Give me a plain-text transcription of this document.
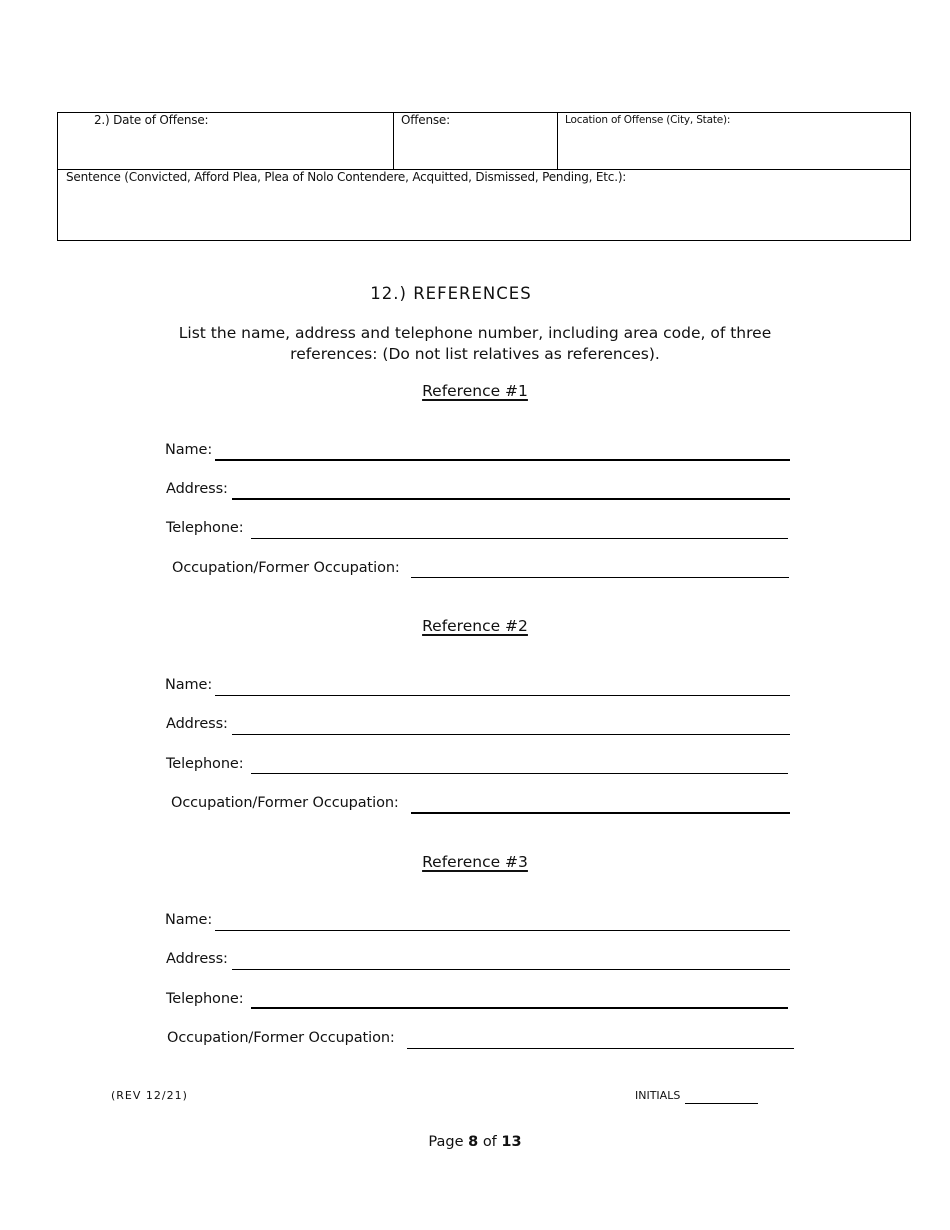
2.) Date of Offense:	Offense:	Location of Offense (City, State):
Sentence (Convicted, Afford Plea, Plea of Nolo Contendere, Acquitted, Dismissed, Pending, Etc.):
12.) REFERENCES
List the name, address and telephone number, including area code, of three references: (Do not list relatives as references).
Reference #1
Name:
Address:
Telephone:
Occupation/Former Occupation:
Reference #2
Name:
Address:
Telephone:
Occupation/Former Occupation:
Reference #3
Name:
Address:
Telephone:
Occupation/Former Occupation:
(REV 12/21)	INITIALS
Page 8 of 13
